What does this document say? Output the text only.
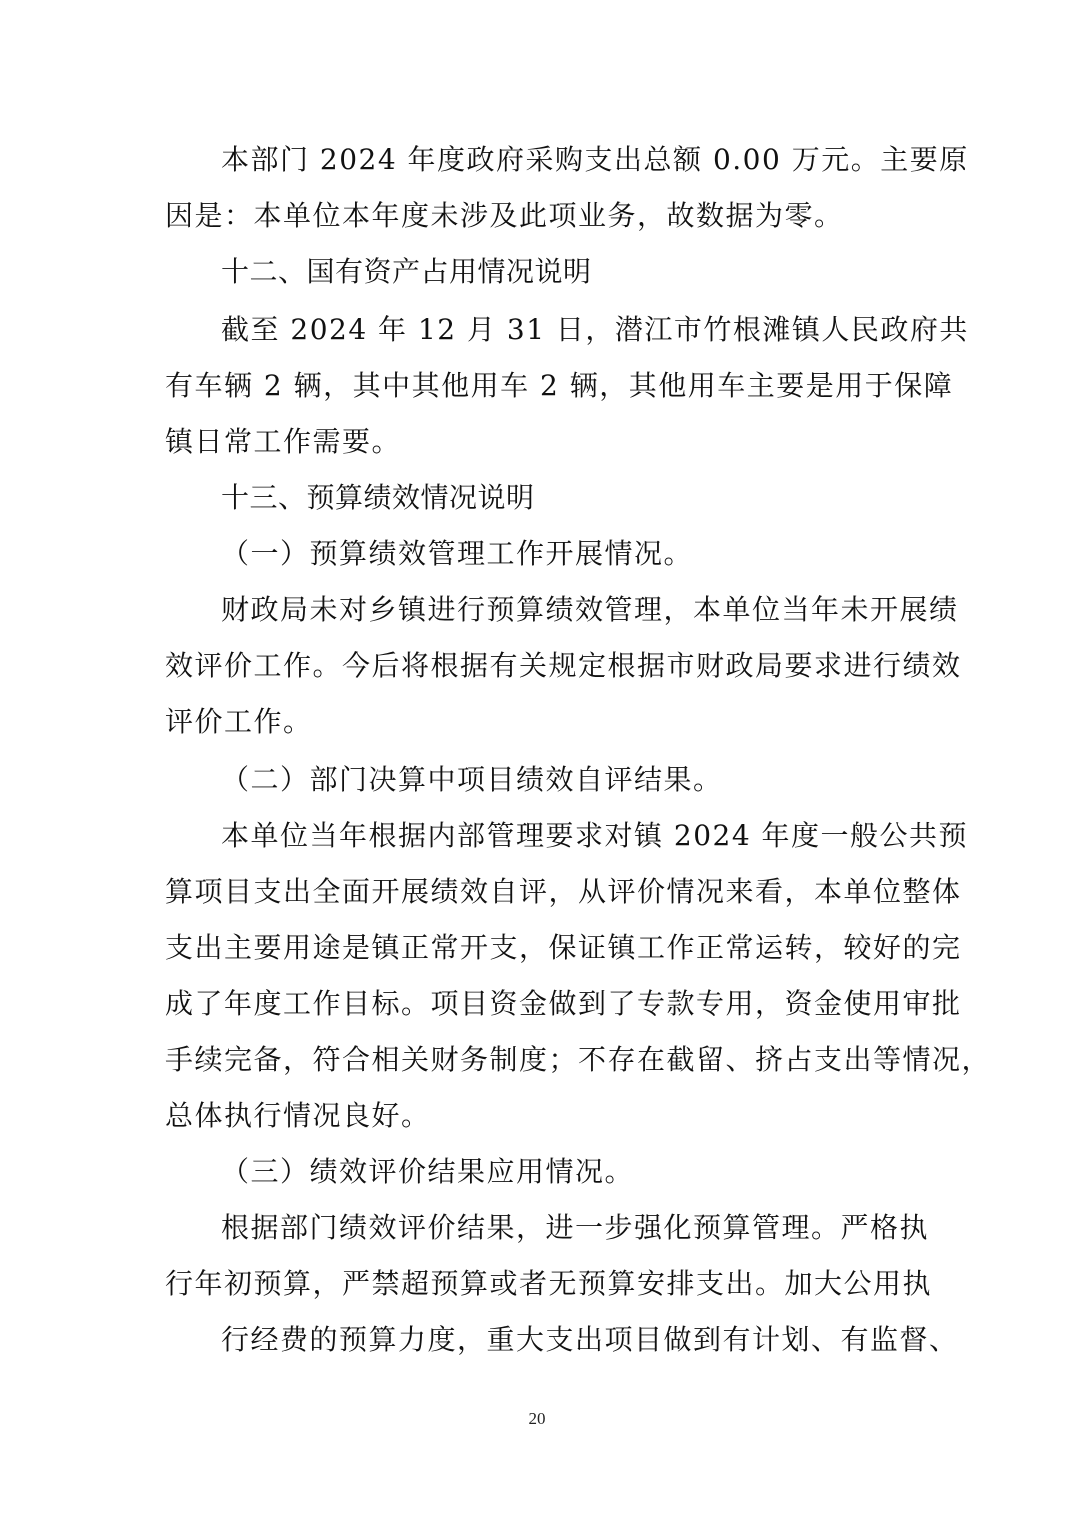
本部门 2024 年度政府采购支出总额 0.00 万元。主要原
因是：本单位本年度未涉及此项业务，故数据为零。
十二、国有资产占用情况说明
截至 2024 年 12 月 31 日，潜江市竹根滩镇人民政府共
有车辆 2 辆，其中其他用车 2 辆，其他用车主要是用于保障
镇日常工作需要。
十三、预算绩效情况说明
（一）预算绩效管理工作开展情况。
财政局未对乡镇进行预算绩效管理，本单位当年未开展绩
效评价工作。今后将根据有关规定根据市财政局要求进行绩效
评价工作。
（二）部门决算中项目绩效自评结果。
本单位当年根据内部管理要求对镇 2024 年度一般公共预
算项目支出全面开展绩效自评，从评价情况来看，本单位整体
支出主要用途是镇正常开支，保证镇工作正常运转，较好的完
成了年度工作目标。项目资金做到了专款专用，资金使用审批
手续完备，符合相关财务制度；不存在截留、挤占支出等情况，
总体执行情况良好。
（三）绩效评价结果应用情况。
根据部门绩效评价结果，进一步强化预算管理。严格执
行年初预算，严禁超预算或者无预算安排支出。加大公用执
行经费的预算力度，重大支出项目做到有计划、有监督、
20
